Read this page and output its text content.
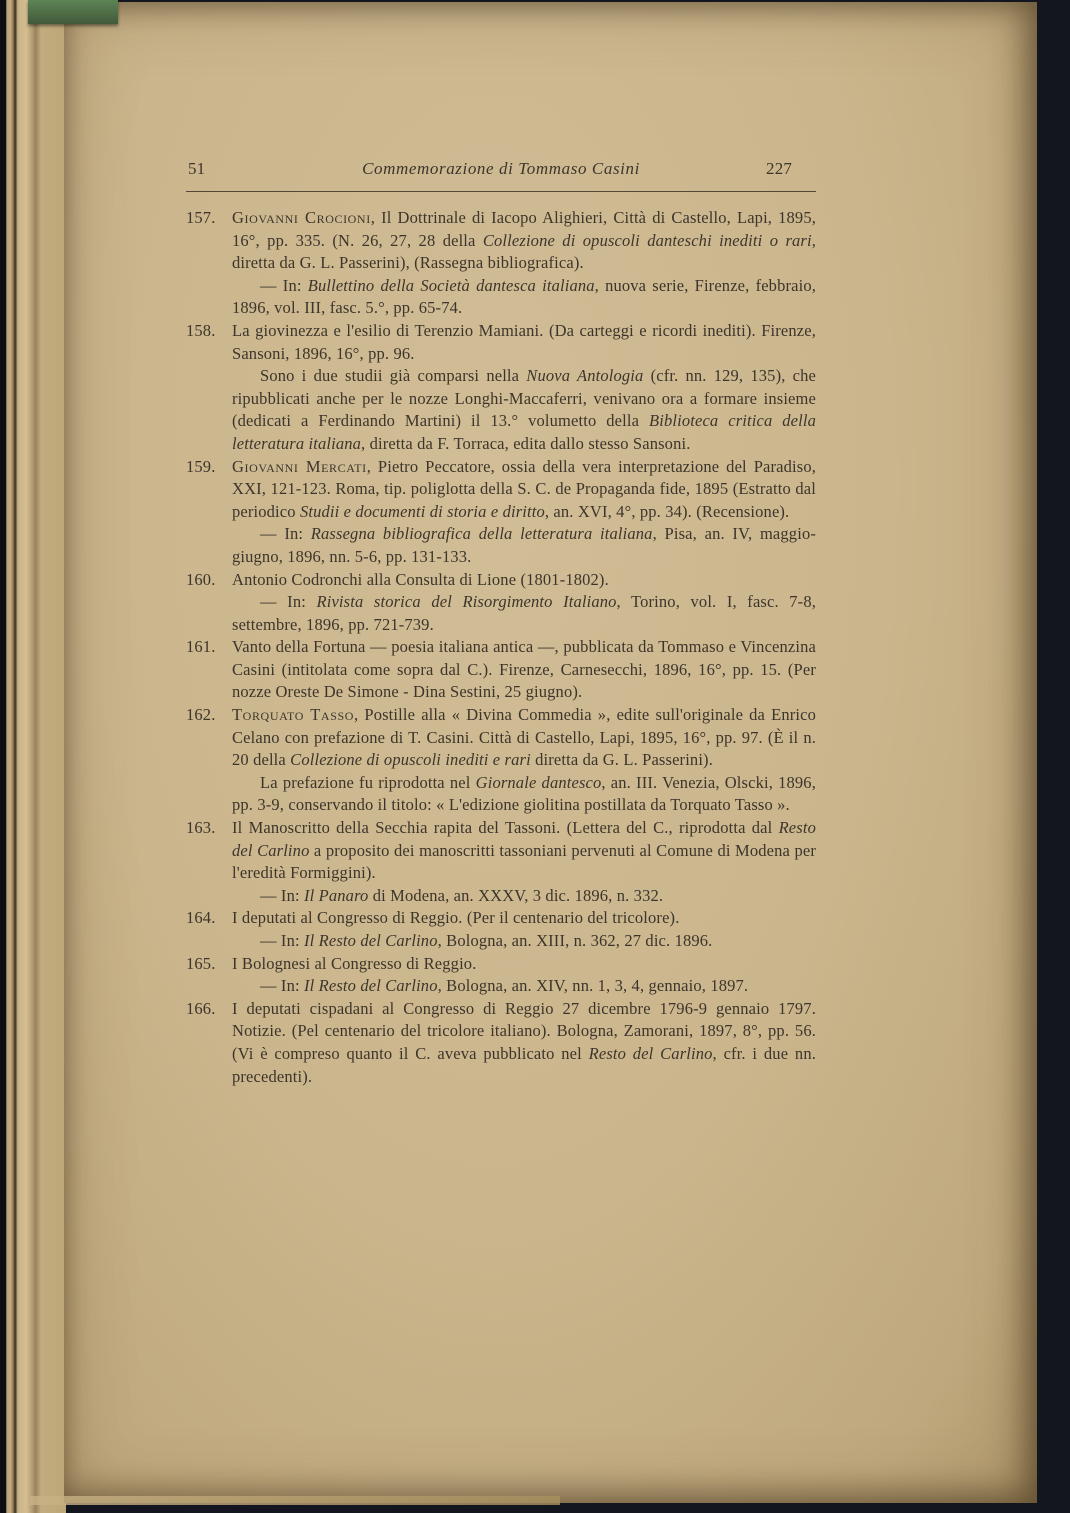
51	Commemorazione di Tommaso Casini	227

157. Giovanni Crocioni, Il Dottrinale di Iacopo Alighieri, Città di Castello, Lapi, 1895, 16°, pp. 335. (N. 26, 27, 28 della Collezione di opuscoli danteschi inediti o rari, diretta da G. L. Passerini), (Rassegna bibliografica).

— In: Bullettino della Società dantesca italiana, nuova serie, Firenze, febbraio, 1896, vol. III, fasc. 5.°, pp. 65-74.

158. La giovinezza e l'esilio di Terenzio Mamiani. (Da carteggi e ricordi inediti). Firenze, Sansoni, 1896, 16°, pp. 96.

Sono i due studii già comparsi nella Nuova Antologia (cfr. nn. 129, 135), che ripubblicati anche per le nozze Longhi-Maccaferri, venivano ora a formare insieme (dedicati a Ferdinando Martini) il 13.° volumetto della Biblioteca critica della letteratura italiana, diretta da F. Torraca, edita dallo stesso Sansoni.

159. Giovanni Mercati, Pietro Peccatore, ossia della vera interpretazione del Paradiso, XXI, 121-123. Roma, tip. poliglotta della S. C. de Propaganda fide, 1895 (Estratto dal periodico Studii e documenti di storia e diritto, an. XVI, 4°, pp. 34). (Recensione).

— In: Rassegna bibliografica della letteratura italiana, Pisa, an. IV, maggio-giugno, 1896, nn. 5-6, pp. 131-133.

160. Antonio Codronchi alla Consulta di Lione (1801-1802).

— In: Rivista storica del Risorgimento Italiano, Torino, vol. I, fasc. 7-8, settembre, 1896, pp. 721-739.

161. Vanto della Fortuna — poesia italiana antica —, pubblicata da Tommaso e Vincenzina Casini (intitolata come sopra dal C.). Firenze, Carnesecchi, 1896, 16°, pp. 15. (Per nozze Oreste De Simone - Dina Sestini, 25 giugno).

162. Torquato Tasso, Postille alla « Divina Commedia », edite sull'originale da Enrico Celano con prefazione di T. Casini. Città di Castello, Lapi, 1895, 16°, pp. 97. (È il n. 20 della Collezione di opuscoli inediti e rari diretta da G. L. Passerini).

La prefazione fu riprodotta nel Giornale dantesco, an. III. Venezia, Olscki, 1896, pp. 3-9, conservando il titolo: « L'edizione giolitina postillata da Torquato Tasso ».

163. Il Manoscritto della Secchia rapita del Tassoni. (Lettera del C., riprodotta dal Resto del Carlino a proposito dei manoscritti tassoniani pervenuti al Comune di Modena per l'eredità Formiggini).

— In: Il Panaro di Modena, an. XXXV, 3 dic. 1896, n. 332.

164. I deputati al Congresso di Reggio. (Per il centenario del tricolore).

— In: Il Resto del Carlino, Bologna, an. XIII, n. 362, 27 dic. 1896.

165. I Bolognesi al Congresso di Reggio.

— In: Il Resto del Carlino, Bologna, an. XIV, nn. 1, 3, 4, gennaio, 1897.

166. I deputati cispadani al Congresso di Reggio 27 dicembre 1796-9 gennaio 1797. Notizie. (Pel centenario del tricolore italiano). Bologna, Zamorani, 1897, 8°, pp. 56. (Vi è compreso quanto il C. aveva pubblicato nel Resto del Carlino, cfr. i due nn. precedenti).
